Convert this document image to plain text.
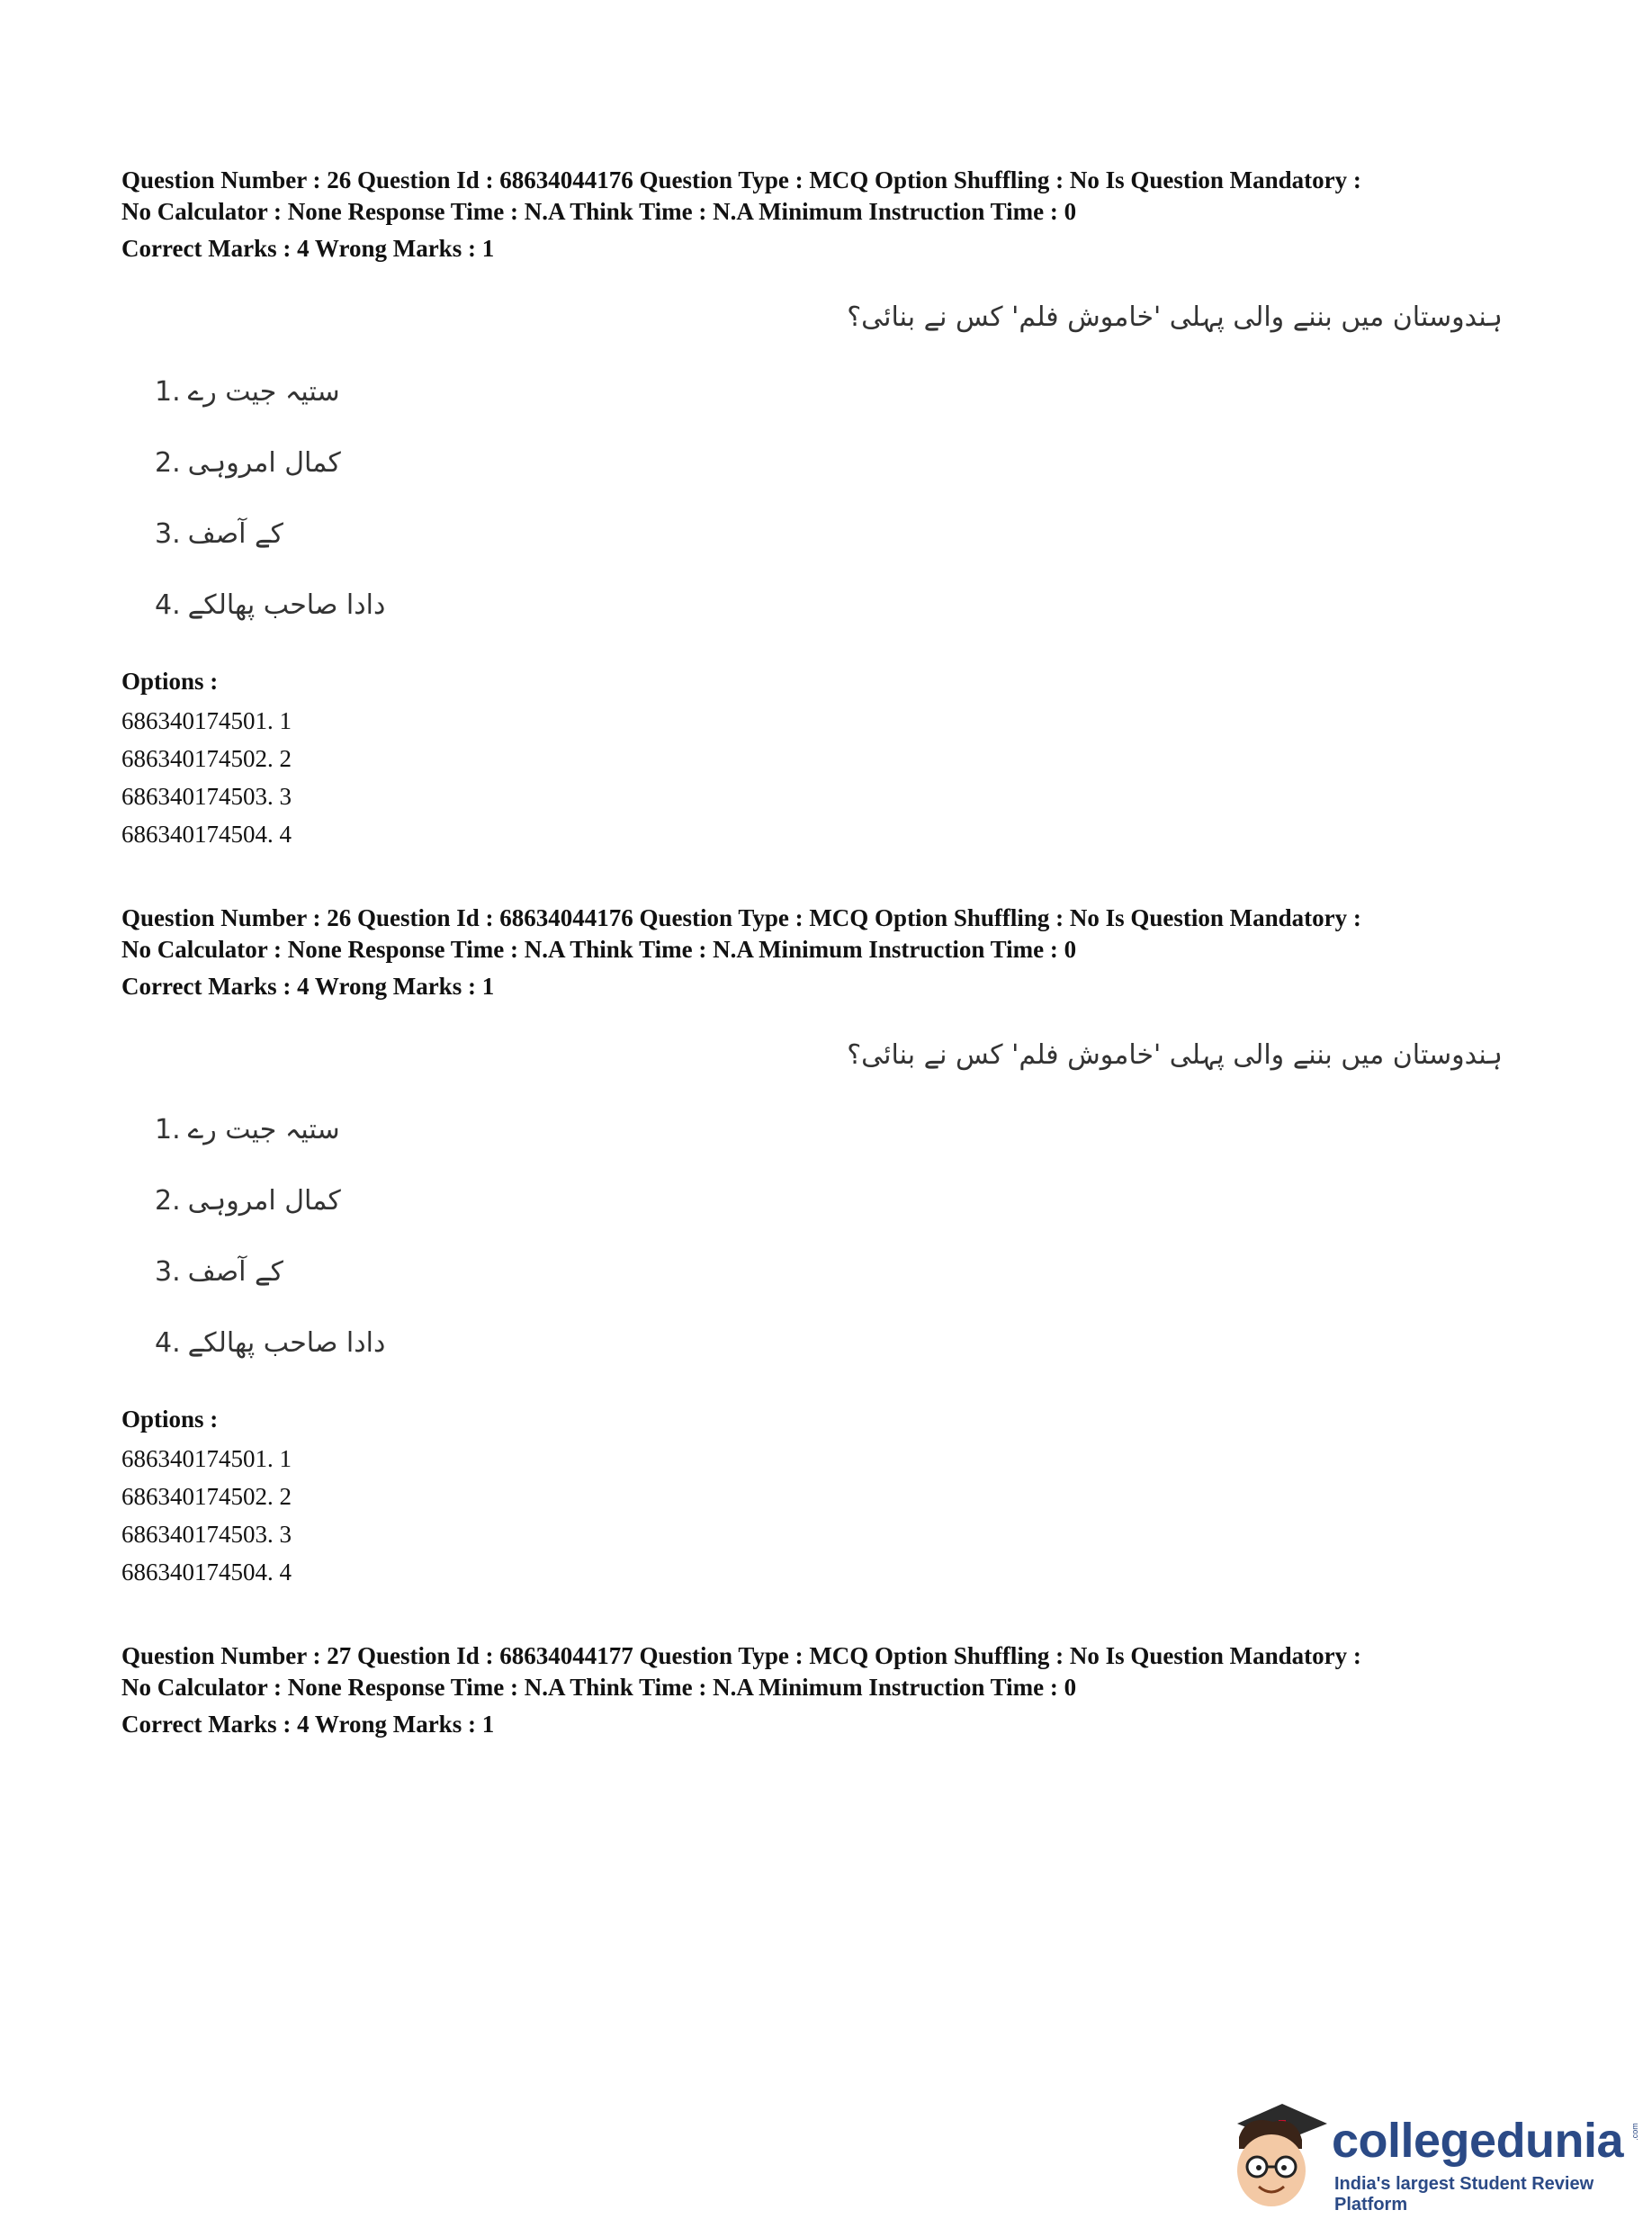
Question Number : 26 Question Id : 68634044176 Question Type : MCQ Option Shuffling : No Is Question Mandatory :

No Calculator : None Response Time : N.A Think Time : N.A Minimum Instruction Time : 0

Correct Marks : 4 Wrong Marks : 1
ہندوستان میں بننے والی پہلی 'خاموش فلم' کس نے بنائی؟
ستیہ جیت رے
1.
کمال امروہی
2.
کے آصف
3.
دادا صاحب پھالکے
4.
Options :
686340174501. 1
686340174502. 2
686340174503. 3
686340174504. 4

Question Number : 26 Question Id : 68634044176 Question Type : MCQ Option Shuffling : No Is Question Mandatory :

No Calculator : None Response Time : N.A Think Time : N.A Minimum Instruction Time : 0

Correct Marks : 4 Wrong Marks : 1
ہندوستان میں بننے والی پہلی 'خاموش فلم' کس نے بنائی؟
ستیہ جیت رے
1.
کمال امروہی
2.
کے آصف
3.
دادا صاحب پھالکے
4.
Options :
686340174501. 1
686340174502. 2
686340174503. 3
686340174504. 4

Question Number : 27 Question Id : 68634044177 Question Type : MCQ Option Shuffling : No Is Question Mandatory :

No Calculator : None Response Time : N.A Think Time : N.A Minimum Instruction Time : 0

Correct Marks : 4 Wrong Marks : 1
collegedunia .com
India's largest Student Review Platform
